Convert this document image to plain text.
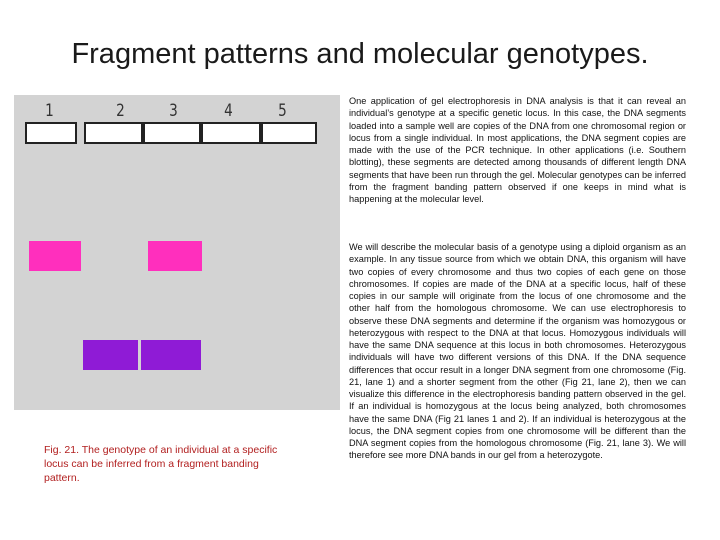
Fragment patterns and molecular genotypes.
1	2	3	4	5
Fig. 21. The genotype of an individual at a specific locus can be inferred from a fragment banding pattern.
One application of gel electrophoresis in DNA analysis is that it can reveal an individual’s genotype at a specific genetic locus. In this case, the DNA segments loaded into a sample well are copies of the DNA from one chromosomal region or locus from a single individual. In most applications, the DNA segment copies are made with the use of the PCR technique. In other applications (i.e. Southern blotting), these segments are detected among thousands of different length DNA segments that have been run through the gel. Molecular genotypes can be inferred from the fragment banding pattern observed if one keeps in mind what is happening at the molecular level.
We will describe the molecular basis of a genotype using a diploid organism as an example. In any tissue source from which we obtain DNA, this organism will have two copies of every chromosome and thus two copies of each gene on those chromosomes. If copies are made of the DNA at a specific locus, half of these copies in our sample will originate from the locus of one chromosome and the other half from the homologous chromosome. We can use electrophoresis to observe these DNA segments and determine if the organism was homozygous or heterozygous with respect to the DNA at that locus. Homozygous individuals will have the same DNA sequence at this locus in both chromosomes. Heterozygous individuals will have two different versions of this DNA. If the DNA sequence differences that occur result in a longer DNA segment from one chromosome (Fig. 21, lane 1) and a shorter segment from the other (Fig 21, lane 2), then we can visualize this difference in the electrophoresis banding pattern observed in the gel. If an individual is homozygous at the locus being analyzed, both chromosomes have the same DNA (Fig 21 lanes 1 and 2). If an individual is heterozygous at the locus, the DNA segment copies from one chromosome will be different than the DNA segment copies from the homologous chromosome (Fig. 21, lane 3). We will therefore see more DNA bands in our gel from a heterozygote.
